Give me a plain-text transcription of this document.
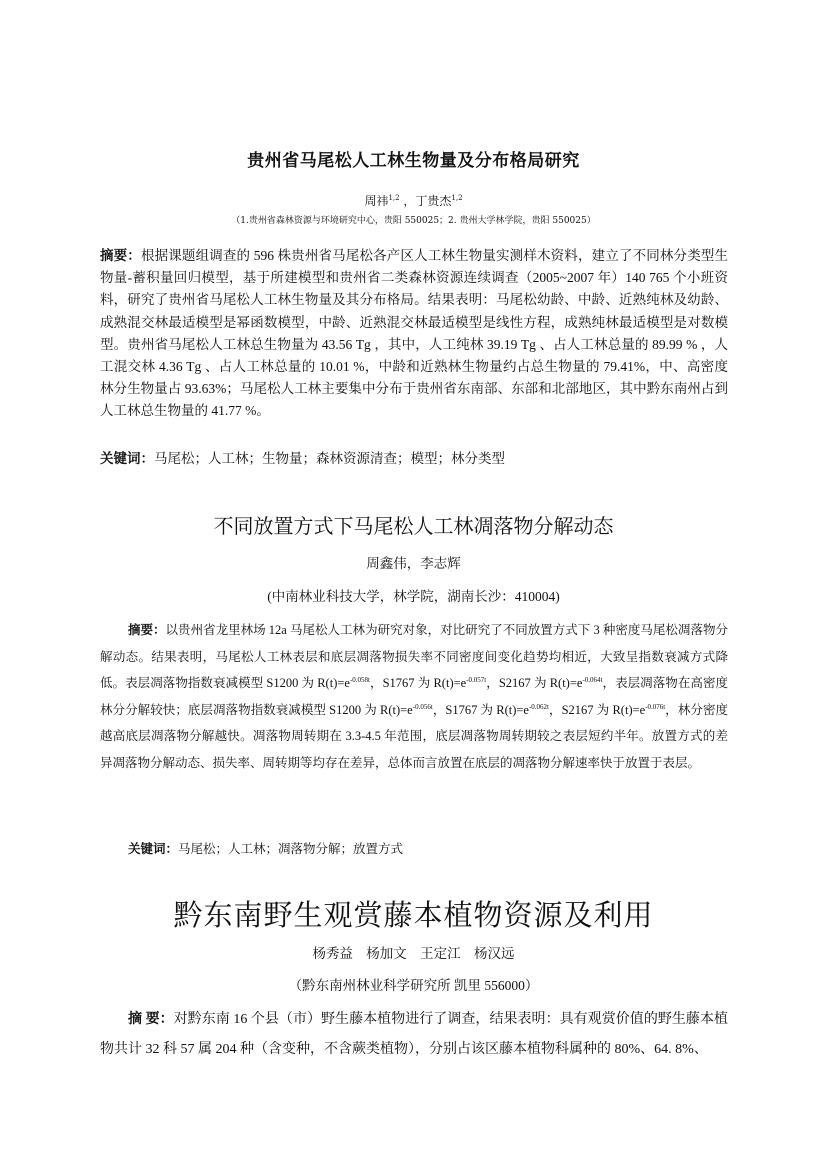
贵州省马尾松人工林生物量及分布格局研究
周祎$^{1,2}$ ，丁贵杰$^{1,2}$
（1.贵州省森林资源与环境研究中心，贵阳 550025；2. 贵州大学林学院，贵阳 550025）
摘要：根据课题组调查的 596 株贵州省马尾松各产区人工林生物量实测样木资料，建立了不同林分类型生物量-蓄积量回归模型，基于所建模型和贵州省二类森林资源连续调查（2005~2007 年）140 765 个小班资料，研究了贵州省马尾松人工林生物量及其分布格局。结果表明：马尾松幼龄、中龄、近熟纯林及幼龄、成熟混交林最适模型是幂函数模型，中龄、近熟混交林最适模型是线性方程，成熟纯林最适模型是对数模型。贵州省马尾松人工林总生物量为 43.56 Tg ，其中，人工纯林 39.19 Tg 、占人工林总量的 89.99 % ，人工混交林 4.36 Tg 、占人工林总量的 10.01 %，中龄和近熟林生物量约占总生物量的 79.41%，中、高密度林分生物量占 93.63%；马尾松人工林主要集中分布于贵州省东南部、东部和北部地区，其中黔东南州占到人工林总生物量的 41.77 %。
关键词：马尾松；人工林；生物量；森林资源清查；模型；林分类型
不同放置方式下马尾松人工林凋落物分解动态
周鑫伟，李志辉
(中南林业科技大学，林学院，湖南长沙：410004)
摘要：以贵州省龙里林场 12a 马尾松人工林为研究对象，对比研究了不同放置方式下 3 种密度马尾松凋落物分解动态。结果表明，马尾松人工林表层和底层凋落物损失率不同密度间变化趋势均相近，大致呈指数衰减方式降低。表层凋落物指数衰减模型 S1200 为 $R(t)=e^{-0.058t}$，S1767 为 $R(t)=e^{-0.057t}$，S2167 为 $R(t)=e^{-0.064t}$，表层凋落物在高密度林分分解较快；底层凋落物指数衰减模型 S1200 为 $R(t)=e^{-0.056t}$，S1767 为 $R(t)=e^{-0.062t}$，S2167 为 $R(t)=e^{-0.076t}$，林分密度越高底层凋落物分解越快。凋落物周转期在 3.3-4.5 年范围，底层凋落物周转期较之表层短约半年。放置方式的差异凋落物分解动态、损失率、周转期等均存在差异，总体而言放置在底层的凋落物分解速率快于放置于表层。
关键词：马尾松；人工林；凋落物分解；放置方式
黔东南野生观赏藤本植物资源及利用
杨秀益 杨加文 王定江 杨汉远
（黔东南州林业科学研究所 凯里 556000）
摘 要：对黔东南 16 个县（市）野生藤本植物进行了调查，结果表明：具有观赏价值的野生藤本植物共计 32 科 57 属 204 种（含变种，不含蕨类植物），分别占该区藤本植物科属种的 80%、64. 8%、
